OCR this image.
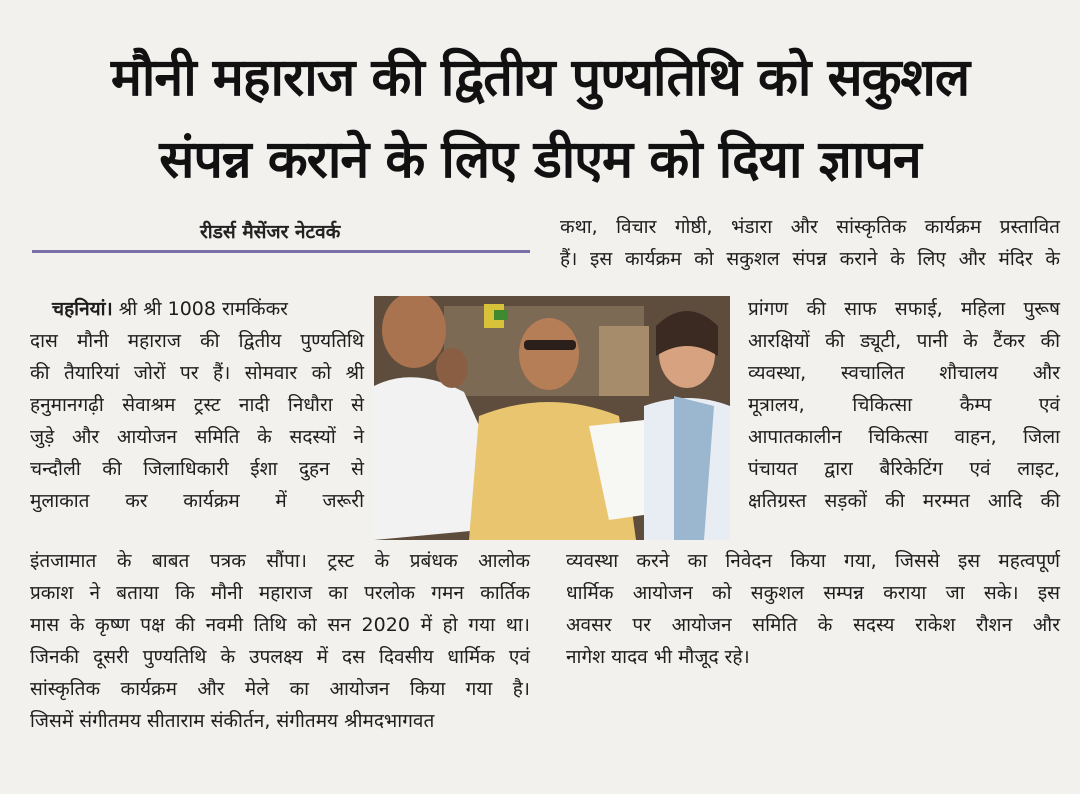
मौनी महाराज की द्वितीय पुण्यतिथि को सकुशल
संपन्न कराने के लिए डीएम को दिया ज्ञापन
रीडर्स मैसेंजर नेटवर्क
चहनियां। श्री श्री 1008 रामकिंकर
दास मौनी महाराज की द्वितीय पुण्यतिथि
की तैयारियां जोरों पर हैं। सोमवार को श्री
हनुमानगढ़ी सेवाश्रम ट्रस्ट नादी निधौरा से
जुड़े और आयोजन समिति के सदस्यों ने
चन्दौली की जिलाधिकारी ईशा दुहन से
मुलाकात कर कार्यक्रम में जरूरी
इंतजामात के बाबत पत्रक सौंपा। ट्रस्ट के प्रबंधक आलोक
प्रकाश ने बताया कि मौनी महाराज का परलोक गमन कार्तिक
मास के कृष्ण पक्ष की नवमी तिथि को सन 2020 में हो गया था।
जिनकी दूसरी पुण्यतिथि के उपलक्ष्य में दस दिवसीय धार्मिक एवं
सांस्कृतिक कार्यक्रम और मेले का आयोजन किया गया है।
जिसमें संगीतमय सीताराम संकीर्तन, संगीतमय श्रीमदभागवत
कथा, विचार गोष्ठी, भंडारा और सांस्कृतिक कार्यक्रम प्रस्तावित
हैं। इस कार्यक्रम को सकुशल संपन्न कराने के लिए और मंदिर के
प्रांगण की साफ सफाई, महिला पुरूष
आरक्षियों की ड्यूटी, पानी के टैंकर की
व्यवस्था, स्वचालित शौचालय और
मूत्रालय, चिकित्सा कैम्प एवं
आपातकालीन चिकित्सा वाहन, जिला
पंचायत द्वारा बैरिकेटिंग एवं लाइट,
क्षतिग्रस्त सड़कों की मरम्मत आदि की
व्यवस्था करने का निवेदन किया गया, जिससे इस महत्वपूर्ण
धार्मिक आयोजन को सकुशल सम्पन्न कराया जा सके। इस
अवसर पर आयोजन समिति के सदस्य राकेश रौशन और
नागेश यादव भी मौजूद रहे।
